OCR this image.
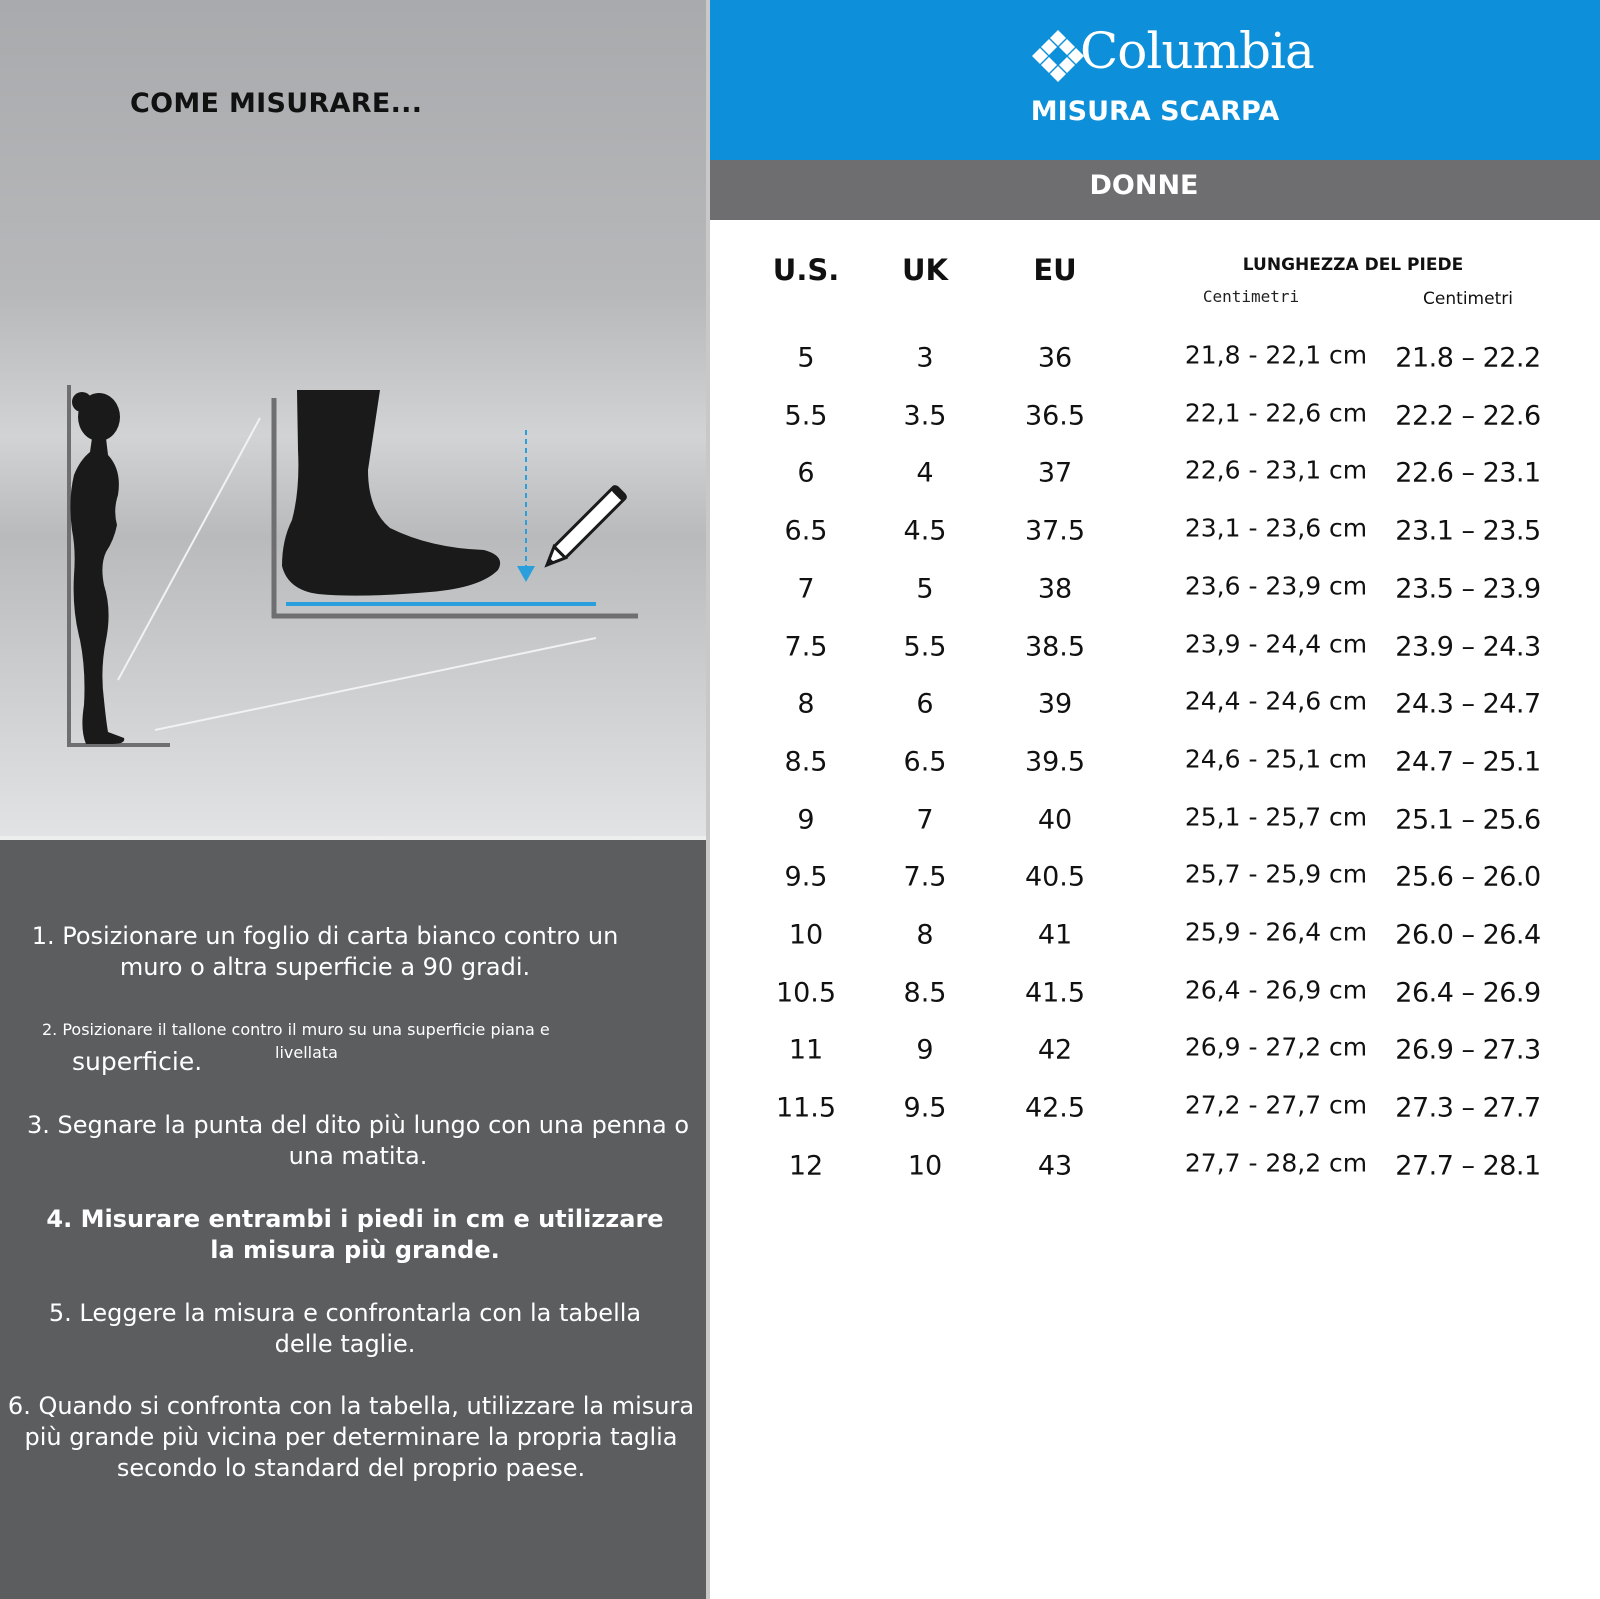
COME MISURARE...
1. Posizionare un foglio di carta bianco contro un muro o altra superficie a 90 gradi.
2. Posizionare il tallone contro il muro su una superficie piana e
livellata
superficie.
3. Segnare la punta del dito più lungo con una penna o una matita.
4. Misurare entrambi i piedi in cm e utilizzare la misura più grande.
5. Leggere la misura e confrontarla con la tabella delle taglie.
6. Quando si confronta con la tabella, utilizzare la misura più grande più vicina per determinare la propria taglia secondo lo standard del proprio paese.
Columbia
MISURA SCARPA
DONNE
U.S. UK	EU	LUNGHEZZA DEL PIEDE
Centimetri	Centimetri
5	3	36	21,8 - 22,1 cm 21.8 – 22.2
5.5	3.5	36.5	22,1 - 22,6 cm 22.2 – 22.6
6	4	37	22,6 - 23,1 cm 22.6 – 23.1
6.5	4.5	37.5	23,1 - 23,6 cm 23.1 – 23.5
7	5	38	23,6 - 23,9 cm 23.5 – 23.9
7.5	5.5	38.5	23,9 - 24,4 cm 23.9 – 24.3
8	6	39	24,4 - 24,6 cm 24.3 – 24.7
8.5	6.5	39.5	24,6 - 25,1 cm 24.7 – 25.1
9	7	40	25,1 - 25,7 cm 25.1 – 25.6
9.5	7.5	40.5	25,7 - 25,9 cm 25.6 – 26.0
10	8	41	25,9 - 26,4 cm 26.0 – 26.4
10.5 8.5	41.5	26,4 - 26,9 cm 26.4 – 26.9
11	9	42	26,9 - 27,2 cm 26.9 – 27.3
11.5 9.5	42.5	27,2 - 27,7 cm 27.3 – 27.7
12	10	43	27,7 - 28,2 cm 27.7 – 28.1
